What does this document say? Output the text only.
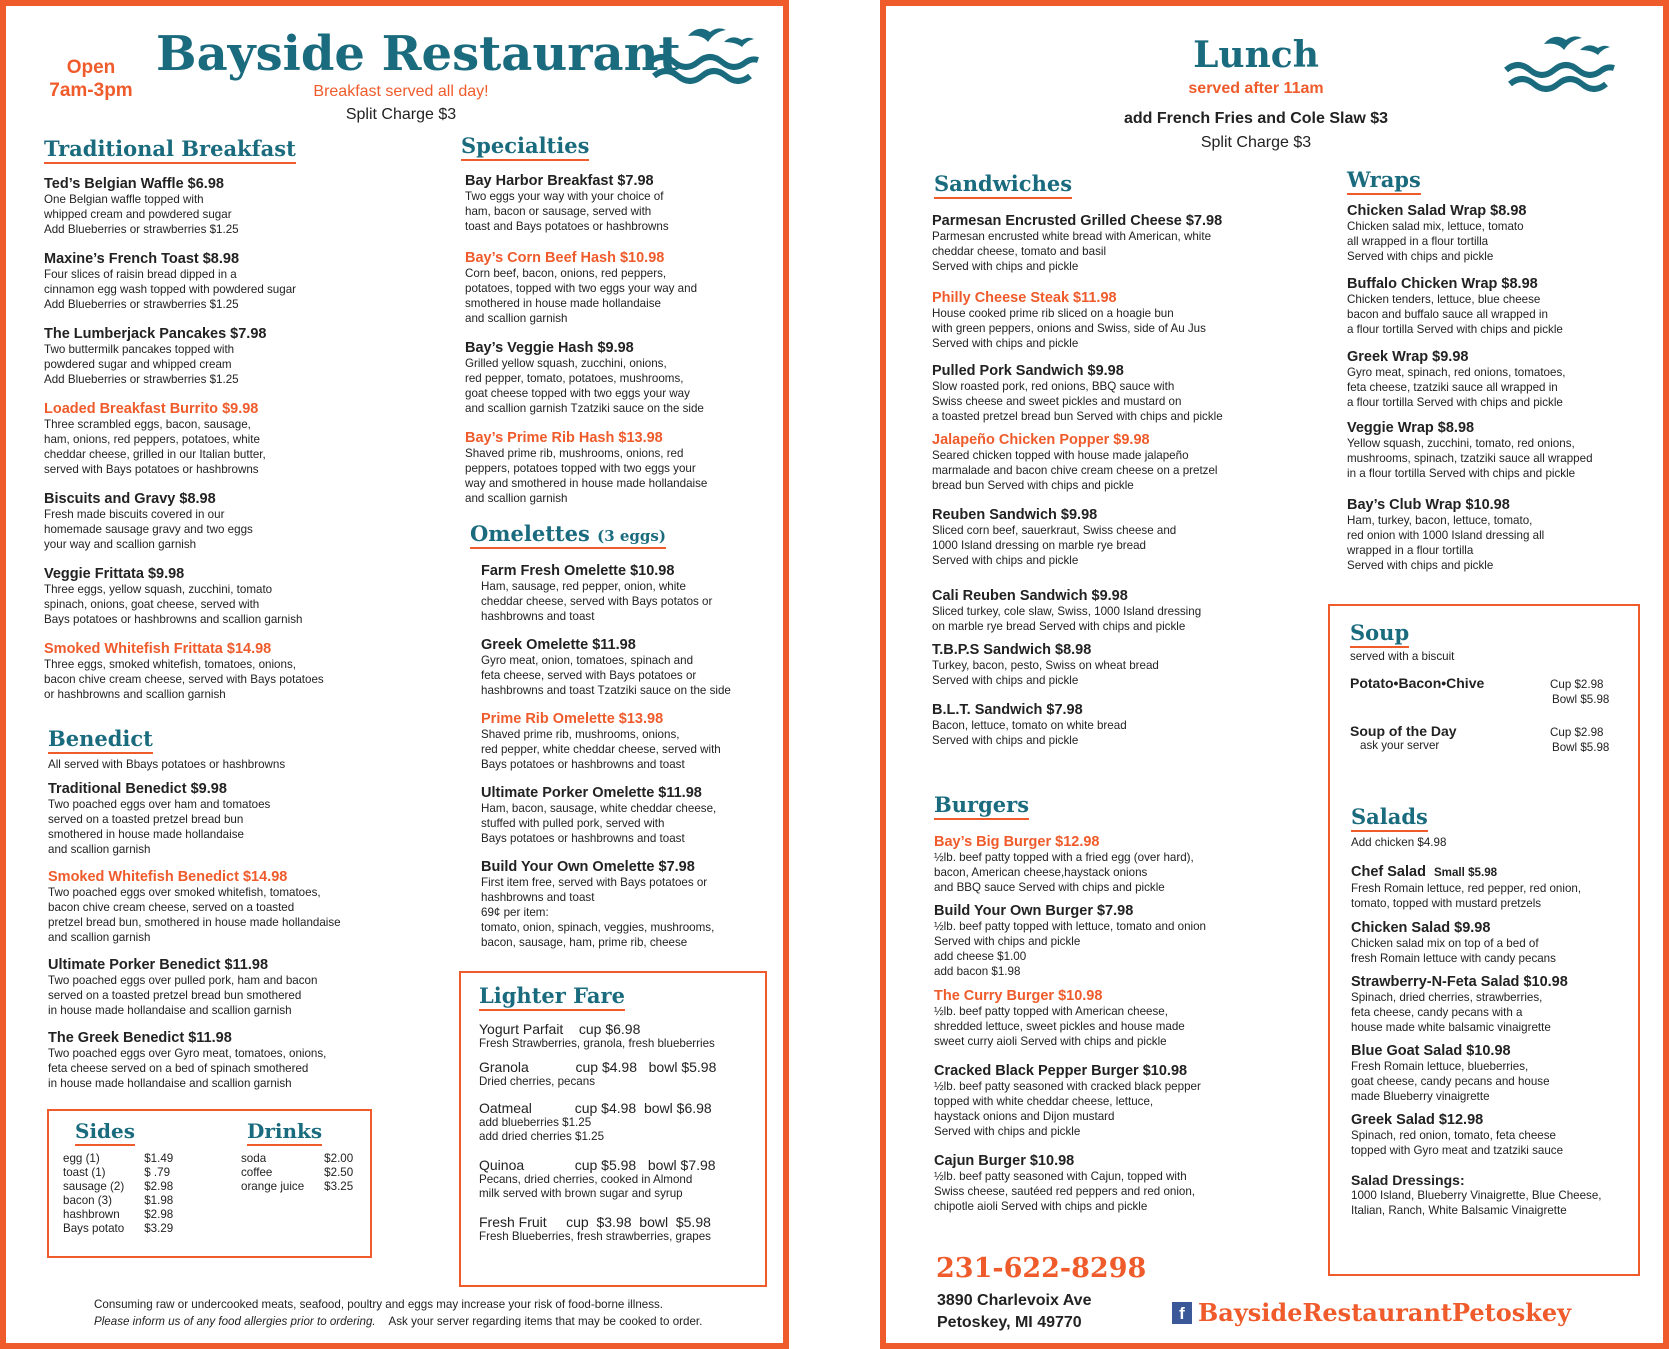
Open
7am-3pm
Bayside Restaurant
Breakfast served all day!
Split Charge $3
Traditional Breakfast
Ted’s Belgian Waffle $6.98
One Belgian waffle topped with
whipped cream and powdered sugar
Add Blueberries or strawberries $1.25
Maxine’s French Toast $8.98
Four slices of raisin bread dipped in a
cinnamon egg wash topped with powdered sugar
Add Blueberries or strawberries $1.25
The Lumberjack Pancakes $7.98
Two buttermilk pancakes topped with
powdered sugar and whipped cream
Add Blueberries or strawberries $1.25
Loaded Breakfast Burrito $9.98
Three scrambled eggs, bacon, sausage,
ham, onions, red peppers, potatoes, white
cheddar cheese, grilled in our Italian butter,
served with Bays potatoes or hashbrowns
Biscuits and Gravy $8.98
Fresh made biscuits covered in our
homemade sausage gravy and two eggs
your way and scallion garnish
Veggie Frittata $9.98
Three eggs, yellow squash, zucchini, tomato
spinach, onions, goat cheese, served with
Bays potatoes or hashbrowns and scallion garnish
Smoked Whitefish Frittata $14.98
Three eggs, smoked whitefish, tomatoes, onions,
bacon chive cream cheese, served with Bays potatoes
or hashbrowns and scallion garnish
Benedict
All served with Bbays potatoes or hashbrowns
Traditional Benedict $9.98
Two poached eggs over ham and tomatoes
served on a toasted pretzel bread bun
smothered in house made hollandaise
and scallion garnish
Smoked Whitefish Benedict $14.98
Two poached eggs over smoked whitefish, tomatoes,
bacon chive cream cheese, served on a toasted
pretzel bread bun, smothered in house made hollandaise
and scallion garnish
Ultimate Porker Benedict $11.98
Two poached eggs over pulled pork, ham and bacon
served on a toasted pretzel bread bun smothered
in house made hollandaise and scallion garnish
The Greek Benedict $11.98
Two poached eggs over Gyro meat, tomatoes, onions,
feta cheese served on a bed of spinach smothered
in house made hollandaise and scallion garnish
Sides
egg (1)	$1.49
toast (1)	$ .79
sausage (2)	$2.98
bacon (3)	$1.98
hashbrown	$2.98
Bays potato	$3.29
Drinks
soda	$2.00
coffee	$2.50
orange juice	$3.25
Specialties
Bay Harbor Breakfast $7.98
Two eggs your way with your choice of
ham, bacon or sausage, served with
toast and Bays potatoes or hashbrowns
Bay’s Corn Beef Hash $10.98
Corn beef, bacon, onions, red peppers,
potatoes, topped with two eggs your way and
smothered in house made hollandaise
and scallion garnish
Bay’s Veggie Hash $9.98
Grilled yellow squash, zucchini, onions,
red pepper, tomato, potatoes, mushrooms,
goat cheese topped with two eggs your way
and scallion garnish Tzatziki sauce on the side
Bay’s Prime Rib Hash $13.98
Shaved prime rib, mushrooms, onions, red
peppers, potatoes topped with two eggs your
way and smothered in house made hollandaise
and scallion garnish
Omelettes (3 eggs)
Farm Fresh Omelette $10.98
Ham, sausage, red pepper, onion, white
cheddar cheese, served with Bays potatos or
hashbrowns and toast
Greek Omelette $11.98
Gyro meat, onion, tomatoes, spinach and
feta cheese, served with Bays potatoes or
hashbrowns and toast Tzatziki sauce on the side
Prime Rib Omelette $13.98
Shaved prime rib, mushrooms, onions,
red pepper, white cheddar cheese, served with
Bays potatoes or hashbrowns and toast
Ultimate Porker Omelette $11.98
Ham, bacon, sausage, white cheddar cheese,
stuffed with pulled pork, served with
Bays potatoes or hashbrowns and toast
Build Your Own Omelette $7.98
First item free, served with Bays potatoes or
hashbrowns and toast
69¢ per item:
tomato, onion, spinach, veggies, mushrooms,
bacon, sausage, ham, prime rib, cheese
Lighter Fare
Yogurt Parfait    cup $6.98
Fresh Strawberries, granola, fresh blueberries
Granola            cup $4.98   bowl $5.98
Dried cherries, pecans
Oatmeal           cup $4.98  bowl $6.98
add blueberries $1.25
add dried cherries $1.25
Quinoa             cup $5.98   bowl $7.98
Pecans, dried cherries, cooked in Almond
milk served with brown sugar and syrup
Fresh Fruit     cup  $3.98  bowl  $5.98
Fresh Blueberries, fresh strawberries, grapes
Consuming raw or undercooked meats, seafood, poultry and eggs may increase your risk of food-borne illness.
Please inform us of any food allergies prior to ordering. Ask your server regarding items that may be cooked to order.
Lunch
served after 11am
add French Fries and Cole Slaw $3
Split Charge $3
Sandwiches
Parmesan Encrusted Grilled Cheese $7.98
Parmesan encrusted white bread with American, white
cheddar cheese, tomato and basil
Served with chips and pickle
Philly Cheese Steak $11.98
House cooked prime rib sliced on a hoagie bun
with green peppers, onions and Swiss, side of Au Jus
Served with chips and pickle
Pulled Pork Sandwich $9.98
Slow roasted pork, red onions, BBQ sauce with
Swiss cheese and sweet pickles and mustard on
a toasted pretzel bread bun Served with chips and pickle
Jalapeño Chicken Popper $9.98
Seared chicken topped with house made jalapeño
marmalade and bacon chive cream cheese on a pretzel
bread bun Served with chips and pickle
Reuben Sandwich $9.98
Sliced corn beef, sauerkraut, Swiss cheese and
1000 Island dressing on marble rye bread
Served with chips and pickle
Cali Reuben Sandwich $9.98
Sliced turkey, cole slaw, Swiss, 1000 Island dressing
on marble rye bread Served with chips and pickle
T.B.P.S Sandwich $8.98
Turkey, bacon, pesto, Swiss on wheat bread
Served with chips and pickle
B.L.T. Sandwich $7.98
Bacon, lettuce, tomato on white bread
Served with chips and pickle
Burgers
Bay’s Big Burger $12.98
½lb. beef patty topped with a fried egg (over hard),
bacon, American cheese,haystack onions
and BBQ sauce Served with chips and pickle
Build Your Own Burger $7.98
½lb. beef patty topped with lettuce, tomato and onion
Served with chips and pickle
add cheese $1.00
add bacon $1.98
The Curry Burger $10.98
½lb. beef patty topped with American cheese,
shredded lettuce, sweet pickles and house made
sweet curry aioli Served with chips and pickle
Cracked Black Pepper Burger $10.98
½lb. beef patty seasoned with cracked black pepper
topped with white cheddar cheese, lettuce,
haystack onions and Dijon mustard
Served with chips and pickle
Cajun Burger $10.98
½lb. beef patty seasoned with Cajun, topped with
Swiss cheese, sautéed red peppers and red onion,
chipotle aioli Served with chips and pickle
Wraps
Chicken Salad Wrap $8.98
Chicken salad mix, lettuce, tomato
all wrapped in a flour tortilla
Served with chips and pickle
Buffalo Chicken Wrap $8.98
Chicken tenders, lettuce, blue cheese
bacon and buffalo sauce all wrapped in
a flour tortilla Served with chips and pickle
Greek Wrap $9.98
Gyro meat, spinach, red onions, tomatoes,
feta cheese, tzatziki sauce all wrapped in
a flour tortilla Served with chips and pickle
Veggie Wrap $8.98
Yellow squash, zucchini, tomato, red onions,
mushrooms, spinach, tzatziki sauce all wrapped
in a flour tortilla Served with chips and pickle
Bay’s Club Wrap $10.98
Ham, turkey, bacon, lettuce, tomato,
red onion with 1000 Island dressing all
wrapped in a flour tortilla
Served with chips and pickle
Soup
served with a biscuit
Potato•Bacon•Chive	Cup $2.98
Bowl $5.98
Soup of the Day
ask your server
Cup $2.98
Bowl $5.98
Salads
Add chicken $4.98
Chef Salad Small $5.98
Fresh Romain lettuce, red pepper, red onion,
tomato, topped with mustard pretzels
Chicken Salad $9.98
Chicken salad mix on top of a bed of
fresh Romain lettuce with candy pecans
Strawberry-N-Feta Salad $10.98
Spinach, dried cherries, strawberries,
feta cheese, candy pecans with a
house made white balsamic vinaigrette
Blue Goat Salad $10.98
Fresh Romain lettuce, blueberries,
goat cheese, candy pecans and house
made Blueberry vinaigrette
Greek Salad $12.98
Spinach, red onion, tomato, feta cheese
topped with Gyro meat and tzatziki sauce
Salad Dressings:
1000 Island, Blueberry Vinaigrette, Blue Cheese,
Italian, Ranch, White Balsamic Vinaigrette
231-622-8298
3890 Charlevoix Ave
Petoskey, MI 49770	f BaysideRestaurantPetoskey
